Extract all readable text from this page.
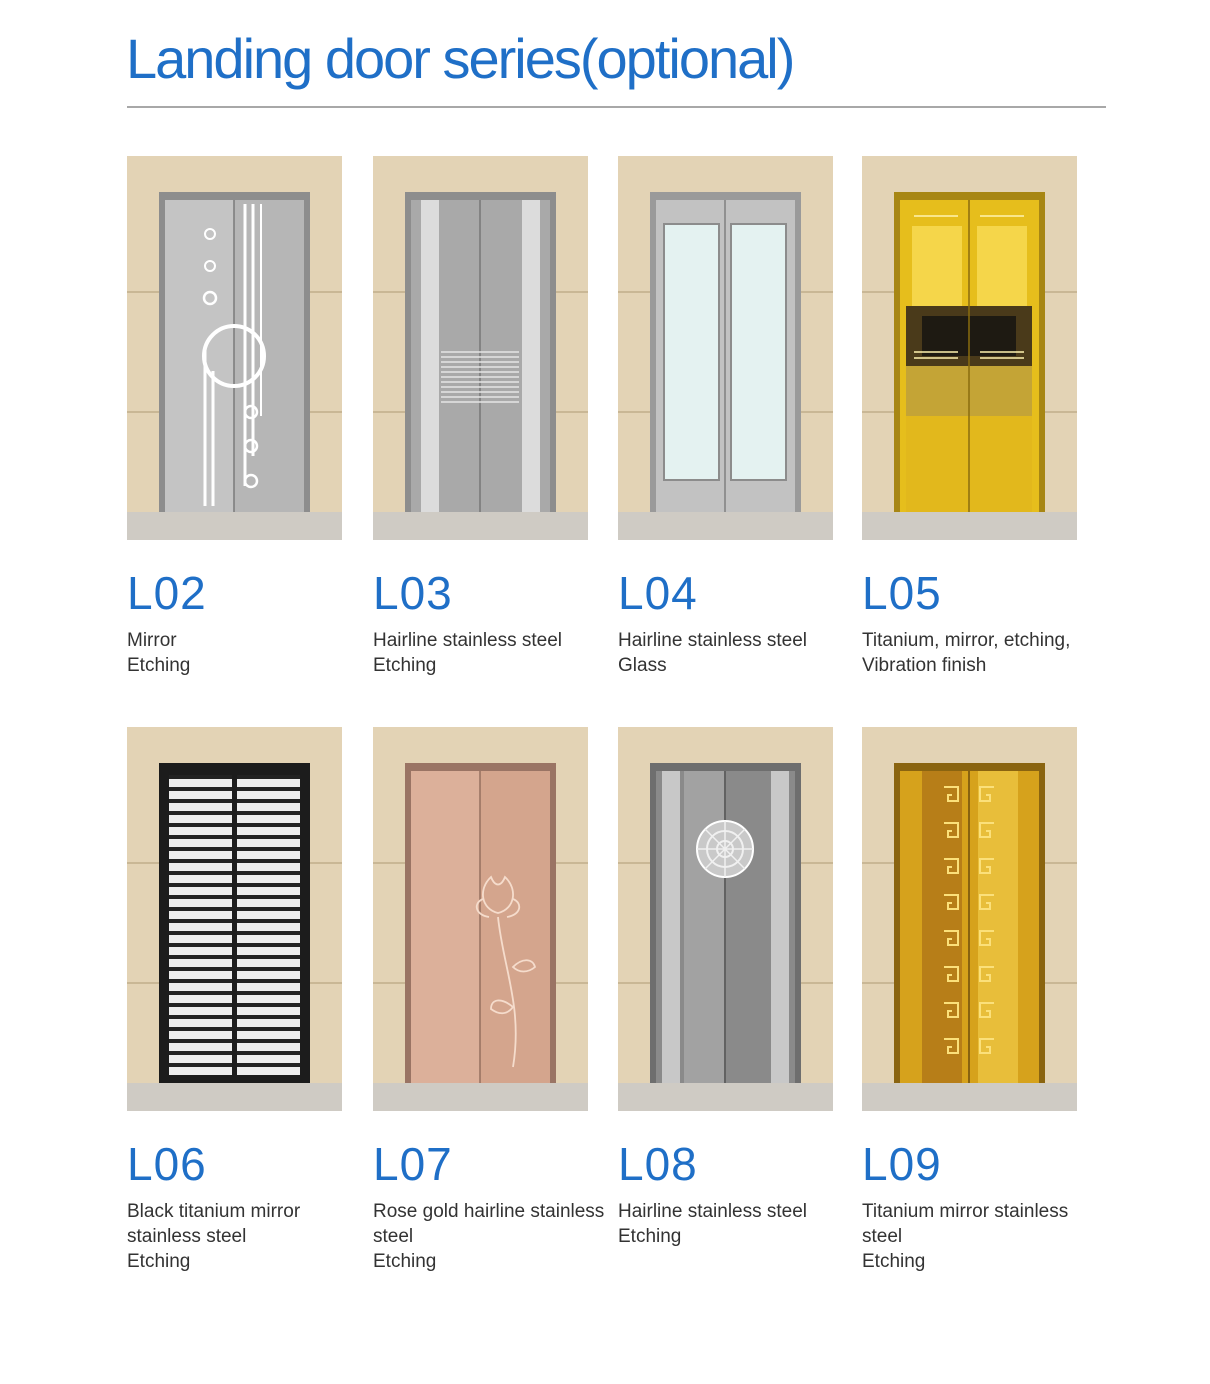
Landing door series(optional)
L02
Mirror
Etching
L03
Hairline stainless steel
Etching
L04
Hairline stainless steel
Glass
L05
Titanium, mirror, etching,
Vibration finish
L06
Black titanium mirror
stainless steel
Etching
L07
Rose gold hairline stainless
steel
Etching
L08
Hairline stainless steel
Etching
L09
Titanium mirror stainless
steel
Etching
